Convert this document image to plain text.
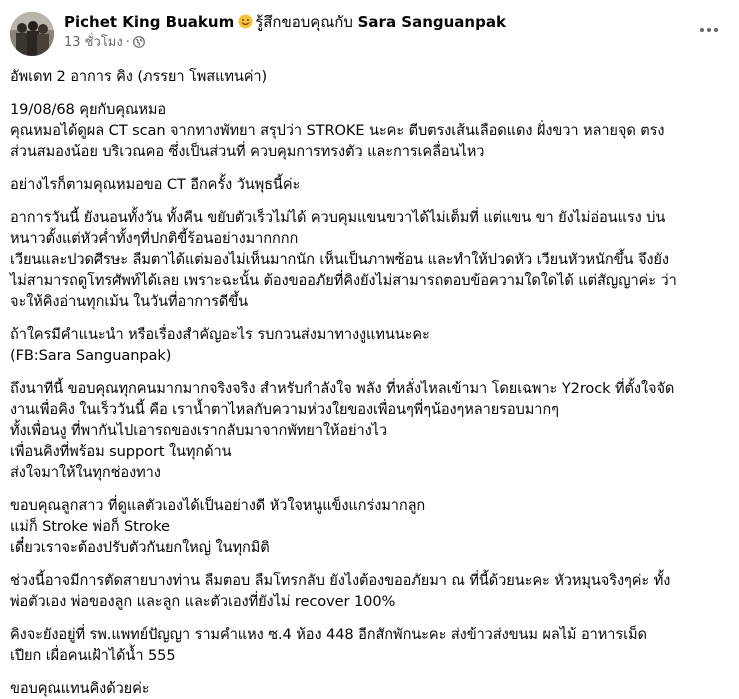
Pichet King Buakum รู้สึกขอบคุณกับ Sara Sanguanpak
13 ชั่วโมง ·

อัพเดท 2 อาการ คิง (ภรรยา โพสแทนค่า)

19/08/68 คุยกับคุณหมอ
คุณหมอได้ดูผล CT scan จากทางพัทยา สรุปว่า STROKE นะคะ ตีบตรงเส้นเลือดแดง ฝั่งขวา หลายจุด ตรง
ส่วนสมองน้อย บริเวณคอ ซึ่งเป็นส่วนที่ ควบคุมการทรงตัว และการเคลื่อนไหว

อย่างไรก็ตามคุณหมอขอ CT อีกครั้ง วันพุธนี้ค่ะ

อาการวันนี้ ยังนอนทั้งวัน ทั้งคืน ขยับตัวเร็วไม่ได้ ควบคุมแขนขวาได้ไม่เต็มที่ แต่แขน ขา ยังไม่อ่อนแรง บ่น
หนาวตั้งแต่หัวค่ำทั้งๆที่ปกติขี้ร้อนอย่างมากกกก
เวียนและปวดศีรษะ ลืมตาได้แต่มองไม่เห็นมากนัก เห็นเป็นภาพซ้อน และทำให้ปวดหัว เวียนหัวหนักขึ้น จึงยัง
ไม่สามารถดูโทรศัพท์ได้เลย เพราะฉะนั้น ต้องขออภัยที่คิงยังไม่สามารถตอบข้อความใดใดได้ แต่สัญญาค่ะ ว่า
จะให้คิงอ่านทุกเม้น ในวันที่อาการดีขึ้น

ถ้าใครมีคำแนะนำ หรือเรื่องสำคัญอะไร รบกวนส่งมาทางงูแทนนะคะ
(FB:Sara Sanguanpak)

ถึงนาทีนี้ ขอบคุณทุกคนมากมากจริงจริง สำหรับกำลังใจ พลัง ที่หลั่งไหลเข้ามา โดยเฉพาะ Y2rock ที่ตั้งใจจัด
งานเพื่อคิง ในเร็ววันนี้ คือ เราน้ำตาไหลกับความห่วงใยของเพื่อนๆพี่ๆน้องๆหลายรอบมากๆ
ทั้งเพื่อนงู ที่พากันไปเอารถของเรากลับมาจากพัทยาให้อย่างไว
เพื่อนคิงที่พร้อม support ในทุกด้าน
ส่งใจมาให้ในทุกช่องทาง

ขอบคุณลูกสาว ที่ดูแลตัวเองได้เป็นอย่างดี หัวใจหนูแข็งแกร่งมากลูก
แม่ก็ Stroke พ่อก็ Stroke
เดี๋ยวเราจะต้องปรับตัวกันยกใหญ่ ในทุกมิติ

ช่วงนี้อาจมีการตัดสายบางท่าน ลืมตอบ ลืมโทรกลับ ยังไงต้องขออภัยมา ณ ที่นี้ด้วยนะคะ หัวหมุนจริงๆค่ะ ทั้ง
พ่อตัวเอง พ่อของลูก และลูก และตัวเองที่ยังไม่ recover 100%

คิงจะยังอยู่ที่ รพ.แพทย์ปัญญา รามคำแหง ซ.4 ห้อง 448 อีกสักพักนะคะ ส่งข้าวส่งขนม ผลไม้ อาหารเม็ด
เปียก เผื่อคนเฝ้าได้น้ำ 555

ขอบคุณแทนคิงด้วยค่ะ
